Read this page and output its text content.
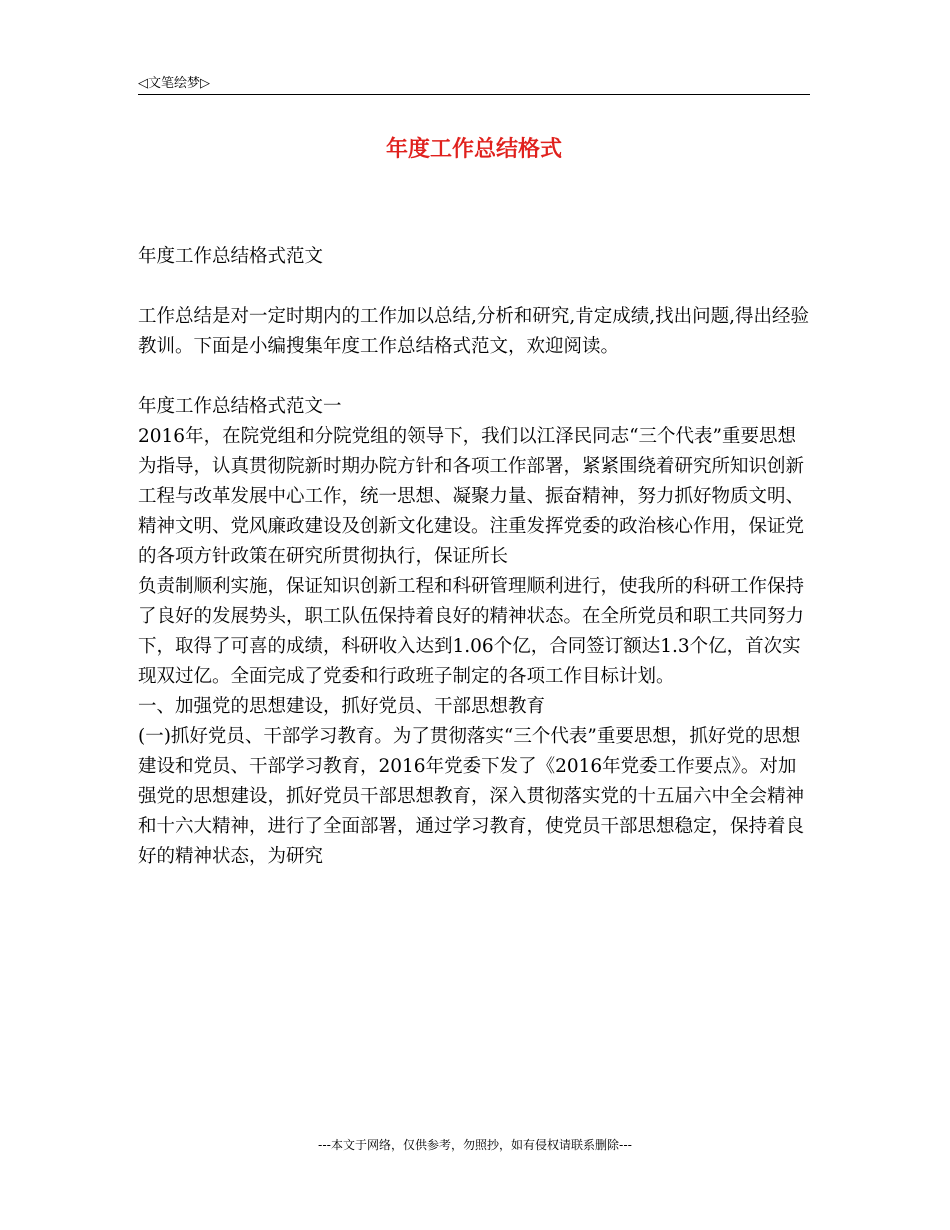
◁文笔绘梦▷
年度工作总结格式

年度工作总结格式范文

工作总结是对一定时期内的工作加以总结,分析和研究,肯定成绩,找出问题,得出经验教训。下面是小编搜集年度工作总结格式范文，欢迎阅读。

年度工作总结格式范文一

2016年，在院党组和分院党组的领导下，我们以江泽民同志“三个代表”重要思想为指导，认真贯彻院新时期办院方针和各项工作部署，紧紧围绕着研究所知识创新工程与改革发展中心工作，统一思想、凝聚力量、振奋精神，努力抓好物质文明、精神文明、党风廉政建设及创新文化建设。注重发挥党委的政治核心作用，保证党的各项方针政策在研究所贯彻执行，保证所长

负责制顺利实施，保证知识创新工程和科研管理顺利进行，使我所的科研工作保持了良好的发展势头，职工队伍保持着良好的精神状态。在全所党员和职工共同努力下，取得了可喜的成绩，科研收入达到1.06个亿，合同签订额达1.3个亿，首次实现双过亿。全面完成了党委和行政班子制定的各项工作目标计划。

一、加强党的思想建设，抓好党员、干部思想教育

(一)抓好党员、干部学习教育。为了贯彻落实“三个代表”重要思想，抓好党的思想建设和党员、干部学习教育，2016年党委下发了《2016年党委工作要点》。对加强党的思想建设，抓好党员干部思想教育，深入贯彻落实党的十五届六中全会精神和十六大精神，进行了全面部署，通过学习教育，使党员干部思想稳定，保持着良好的精神状态，为研究

---本文于网络，仅供参考，勿照抄，如有侵权请联系删除---
